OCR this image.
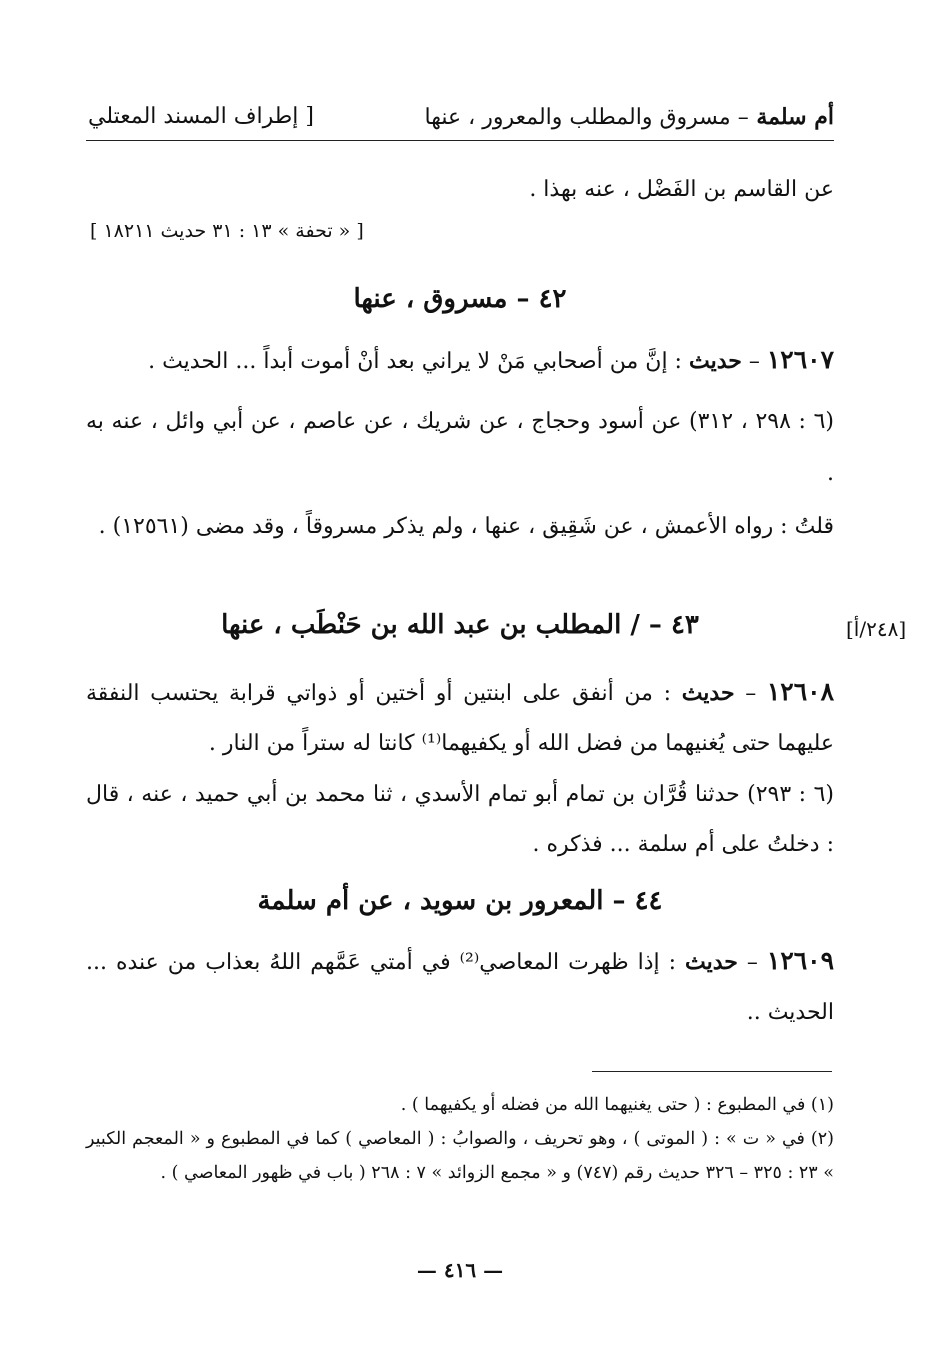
أم سلمة – مسروق والمطلب والمعرور ، عنها
[ إطراف المسند المعتلي
عن القاسم بن الفَضْل ، عنه بهذا .
[ « تحفة » ١٣ : ٣١ حديث ١٨٢١١ ]
٤٢ – مسروق ، عنها
١٢٦٠٧ – حديث : إنَّ من أصحابي مَنْ لا يراني بعد أنْ أموت أبداً ... الحديث .
(٦ : ٢٩٨ ، ٣١٢) عن أسود وحجاج ، عن شريك ، عن عاصم ، عن أبي وائل ، عنه به .
قلتُ : رواه الأعمش ، عن شَقِيق ، عنها ، ولم يذكر مسروقاً ، وقد مضى (١٢٥٦١) .
[٢٤٨/أ]
٤٣ – / المطلب بن عبد الله بن حَنْطَب ، عنها
١٢٦٠٨ – حديث : من أنفق على ابنتين أو أختين أو ذواتي قرابة يحتسب النفقة عليهما حتى يُغنيهما من فضل الله أو يكفيهما⁽¹⁾ كانتا له ستراً من النار .
(٦ : ٢٩٣) حدثنا قُرَّان بن تمام أبو تمام الأسدي ، ثنا محمد بن أبي حميد ، عنه ، قال : دخلتُ على أم سلمة ... فذكره .
٤٤ – المعرور بن سويد ، عن أم سلمة
١٢٦٠٩ – حديث : إذا ظهرت المعاصي⁽²⁾ في أمتي عَمَّهم اللهُ بعذاب من عنده ... الحديث ..
(١) في المطبوع : ( حتى يغنيهما الله من فضله أو يكفيهما ) .
(٢) في « ت » : ( الموتى ) ، وهو تحريف ، والصوابُ : ( المعاصي ) كما في المطبوع و « المعجم الكبير » ٢٣ : ٣٢٥ – ٣٢٦ حديث رقم (٧٤٧) و « مجمع الزوائد » ٧ : ٢٦٨ ( باب في ظهور المعاصي ) .
— ٤١٦ —
